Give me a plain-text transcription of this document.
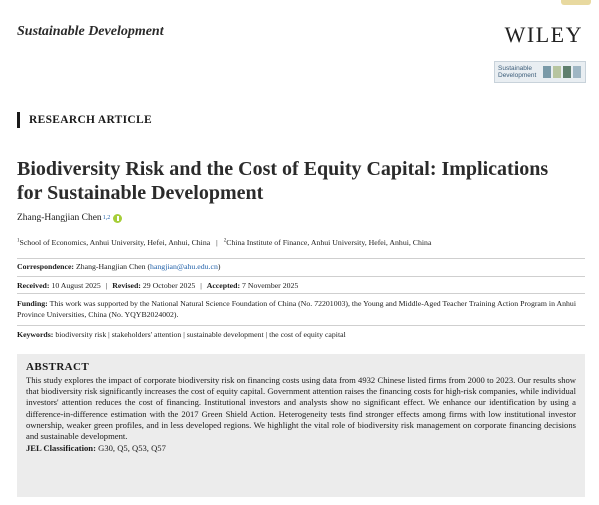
Sustainable Development	WILEY
Sustainable Development
RESEARCH ARTICLE
Biodiversity Risk and the Cost of Equity Capital: Implications for Sustainable Development
Zhang-Hangjian Chen 1,2
$^1$School of Economics, Anhui University, Hefei, Anhui, China | $^2$China Institute of Finance, Anhui University, Hefei, Anhui, China
Correspondence: Zhang-Hangjian Chen (hangjian@ahu.edu.cn)
Received: 10 August 2025 | Revised: 29 October 2025 | Accepted: 7 November 2025
Funding: This work was supported by the National Natural Science Foundation of China (No. 72201003), the Young and Middle-Aged Teacher Training Action Program in Anhui Province Universities, China (No. YQYB2024002).
Keywords: biodiversity risk | stakeholders' attention | sustainable development | the cost of equity capital
ABSTRACT
This study explores the impact of corporate biodiversity risk on financing costs using data from 4932 Chinese listed firms from 2000 to 2023. Our results show that biodiversity risk significantly increases the cost of equity capital. Government attention raises the financing costs for high-risk companies, while individual investors' attention reduces the cost of financing. Institutional investors and analysts show no significant effect. We enhance our identification by using a difference-in-difference estimation with the 2017 Green Shield Action. Heterogeneity tests find stronger effects among firms with low institutional investor ownership, weaker green profiles, and in less developed regions. We highlight the vital role of biodiversity risk management on corporate financing decisions and sustainable development.
JEL Classification: G30, Q5, Q53, Q57
